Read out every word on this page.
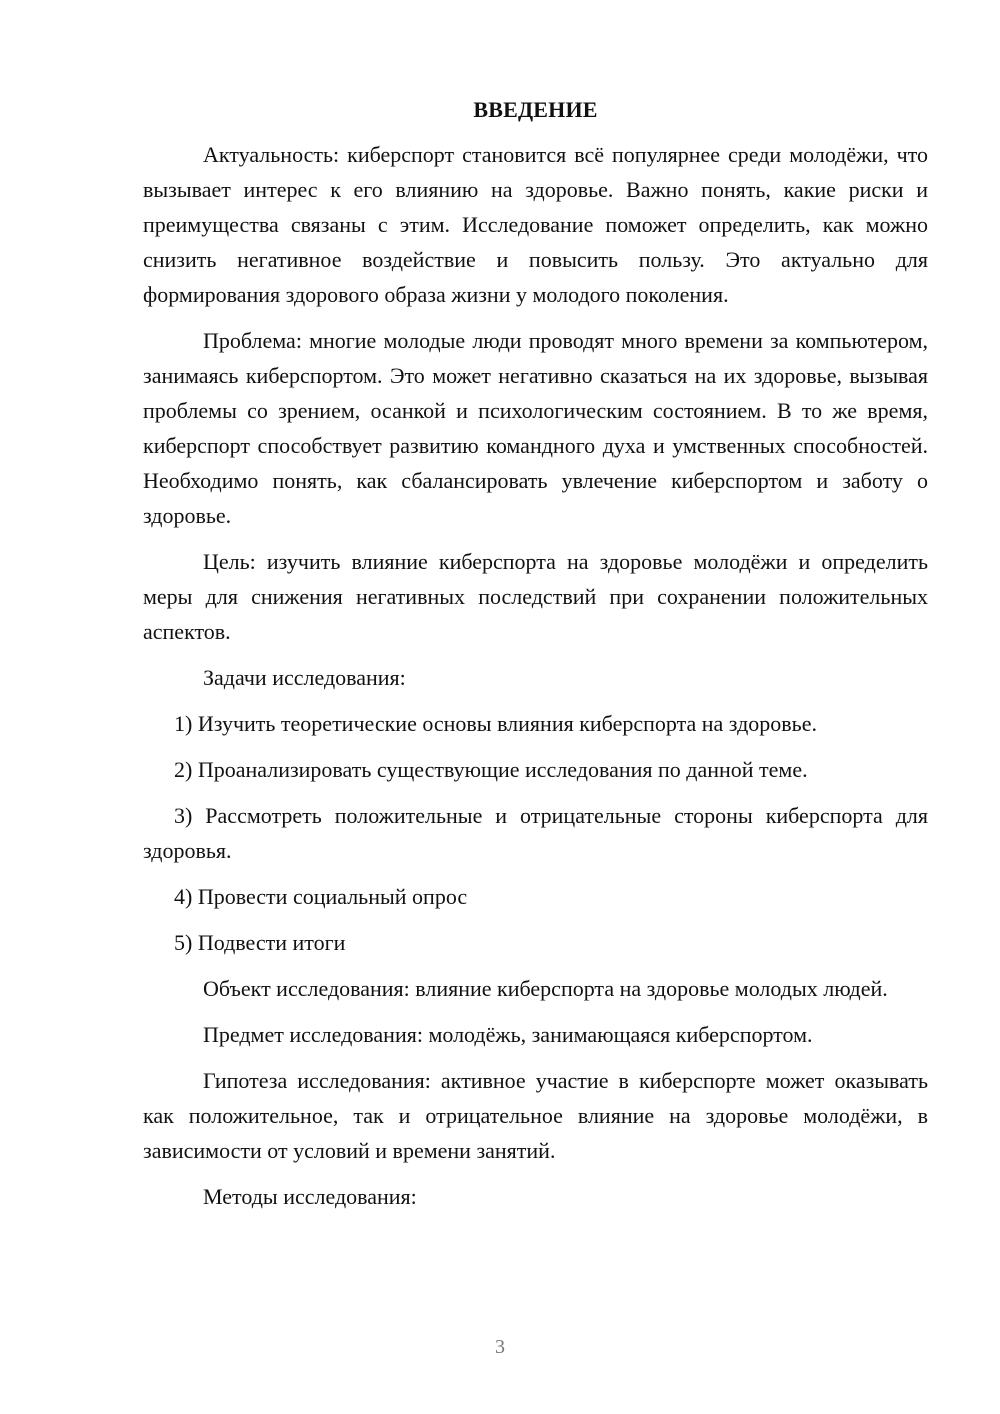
ВВЕДЕНИЕ

Актуальность: киберспорт становится всё популярнее среди молодёжи, что вызывает интерес к его влиянию на здоровье. Важно понять, какие риски и преимущества связаны с этим. Исследование поможет определить, как можно снизить негативное воздействие и повысить пользу. Это актуально для формирования здорового образа жизни у молодого поколения.

Проблема: многие молодые люди проводят много времени за компьютером, занимаясь киберспортом. Это может негативно сказаться на их здоровье, вызывая проблемы со зрением, осанкой и психологическим состоянием. В то же время, киберспорт способствует развитию командного духа и умственных способностей. Необходимо понять, как сбалансировать увлечение киберспортом и заботу о здоровье.

Цель: изучить влияние киберспорта на здоровье молодёжи и определить меры для снижения негативных последствий при сохранении положительных аспектов.

Задачи исследования:

1) Изучить теоретические основы влияния киберспорта на здоровье.

2) Проанализировать существующие исследования по данной теме.

3) Рассмотреть положительные и отрицательные стороны киберспорта для здоровья.

4) Провести социальный опрос

5) Подвести итоги

Объект исследования: влияние киберспорта на здоровье молодых людей.

Предмет исследования: молодёжь, занимающаяся киберспортом.

Гипотеза исследования: активное участие в киберспорте может оказывать как положительное, так и отрицательное влияние на здоровье молодёжи, в зависимости от условий и времени занятий.

Методы исследования:

3
